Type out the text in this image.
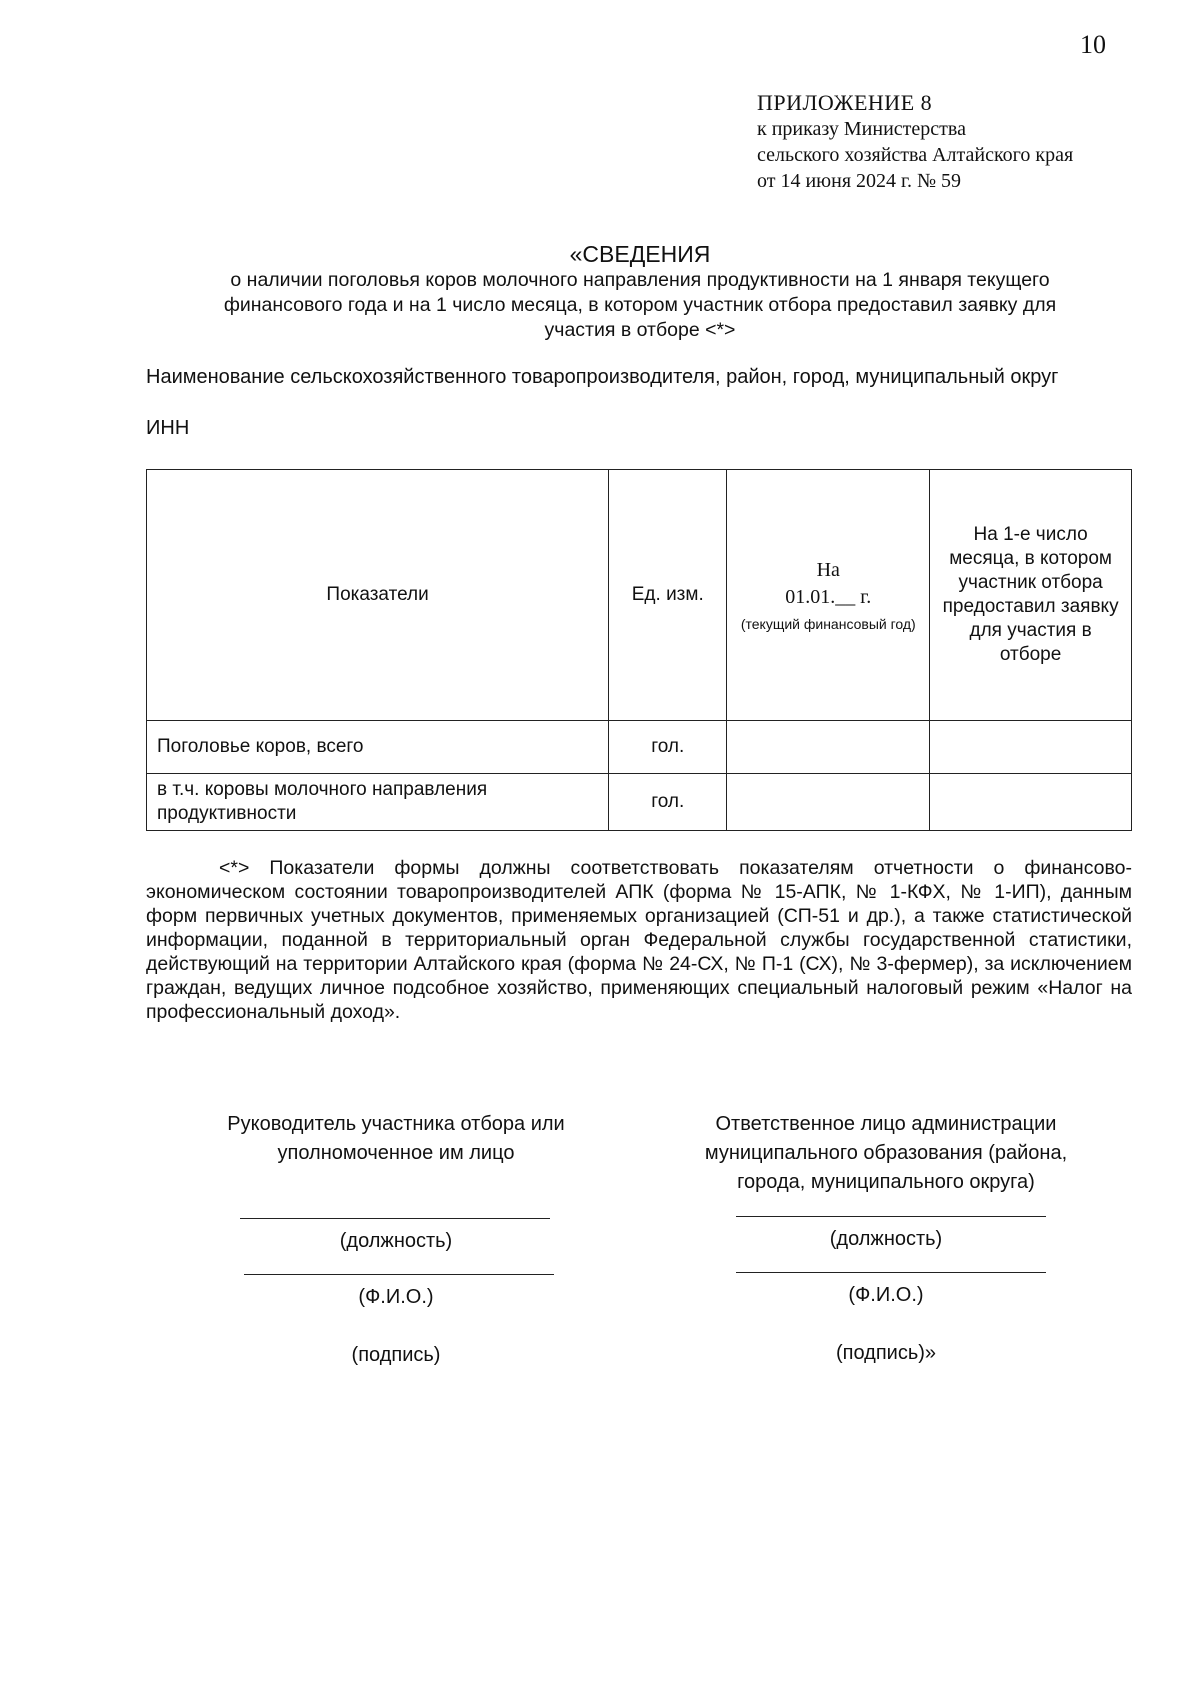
10
ПРИЛОЖЕНИЕ 8
к приказу Министерства
сельского хозяйства Алтайского края
от 14 июня 2024 г. № 59
«СВЕДЕНИЯ
о наличии поголовья коров молочного направления продуктивности на 1 января текущего
финансового года и на 1 число месяца, в котором участник отбора предоставил заявку для
участия в отборе <*>
Наименование сельскохозяйственного товаропроизводителя, район, город, муниципальный округ
ИНН
Показатели	Ед. изм.	На
01.01.__ г.
(текущий финансовый год)	На 1-е число месяца, в котором участник отбора предоставил заявку для участия в отборе
Поголовье коров, всего	гол.		
в т.ч. коровы молочного направления продуктивности	гол.		
<*> Показатели формы должны соответствовать показателям отчетности о финансово-экономическом состоянии товаропроизводителей АПК (форма № 15-АПК, № 1-КФХ, № 1-ИП), данным форм первичных учетных документов, применяемых организацией (СП-51 и др.), а также статистической информации, поданной в территориальный орган Федеральной службы государственной статистики, действующий на территории Алтайского края (форма № 24-СХ, № П-1 (СХ), № 3-фермер), за исключением граждан, ведущих личное подсобное хозяйство, применяющих специальный налоговый режим «Налог на профессиональный доход».
Руководитель участника отбора или
уполномоченное им лицо
(должность)
(Ф.И.О.)
(подпись)
Ответственное лицо администрации
муниципального образования (района,
города, муниципального округа)
(должность)
(Ф.И.О.)
(подпись)»
